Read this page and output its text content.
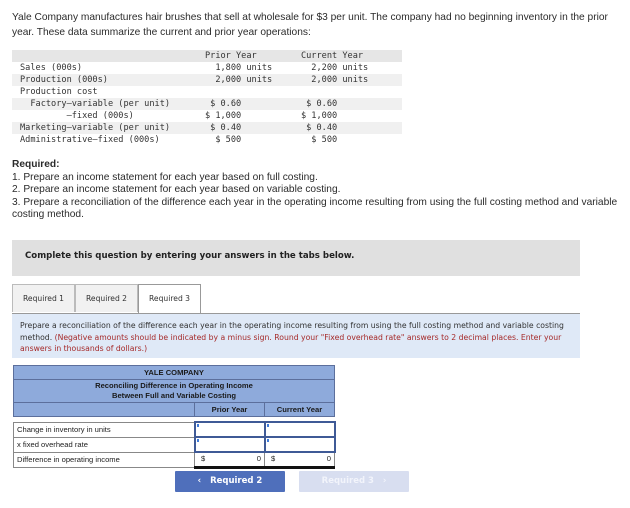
Yale Company manufactures hair brushes that sell at wholesale for $3 per unit. The company had no beginning inventory in the prior year. These data summarize the current and prior year operations:
	Prior Year	Current Year
Sales (000s)	1,800 units	2,200 units
Production (000s)	2,000 units	2,000 units
Production cost		
Factory—variable (per unit)	$ 0.60	$ 0.60
—fixed (000s)	$ 1,000	$ 1,000
Marketing—variable (per unit)	$ 0.40	$ 0.40
Administrative—fixed (000s)	$ 500	$ 500
Required:
1. Prepare an income statement for each year based on full costing.
2. Prepare an income statement for each year based on variable costing.
3. Prepare a reconciliation of the difference each year in the operating income resulting from using the full costing method and variable costing method.
Complete this question by entering your answers in the tabs below.
Required 1	Required 2	Required 3

Prepare a reconciliation of the difference each year in the operating income resulting from using the full costing method and variable costing method. (Negative amounts should be indicated by a minus sign. Round your "Fixed overhead rate" answers to 2 decimal places. Enter your answers in thousands of dollars.)

YALE COMPANY		

Reconciling Difference in Operating Income
Between Full and Variable Costing		

	Prior Year	Current Year

Change in inventory in units		
x fixed overhead rate		
Difference in operating income	$ 0	$ 0
‹ Required 2	Required 3 ›
